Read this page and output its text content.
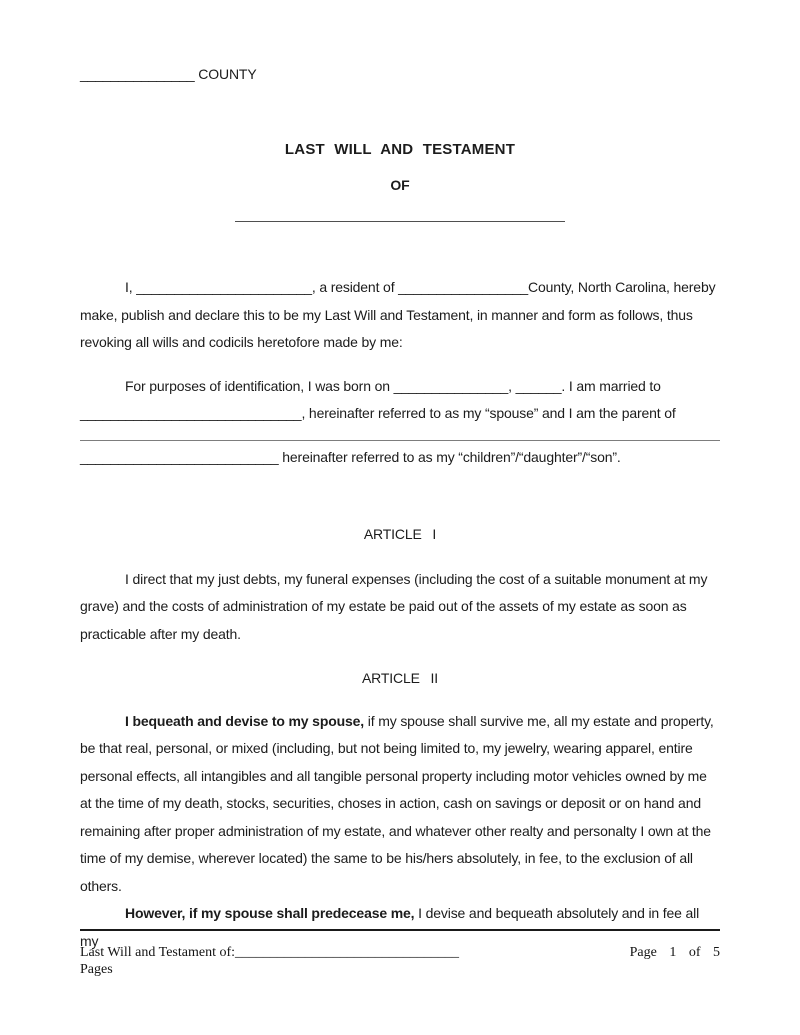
_______________ COUNTY
LAST WILL AND TESTAMENT
OF

I, _______________________, a resident of _________________County, North Carolina, hereby make, publish and declare this to be my Last Will and Testament, in manner and form as follows, thus revoking all wills and codicils heretofore made by me:

For purposes of identification, I was born on _______________, ______. I am married to _____________________________, hereinafter referred to as my “spouse” and I am the parent of

__________________________ hereinafter referred to as my “children”/“daughter”/“son”.

ARTICLE I

I direct that my just debts, my funeral expenses (including the cost of a suitable monument at my grave) and the costs of administration of my estate be paid out of the assets of my estate as soon as practicable after my death.

ARTICLE II

I bequeath and devise to my spouse, if my spouse shall survive me, all my estate and property, be that real, personal, or mixed (including, but not being limited to, my jewelry, wearing apparel, entire personal effects, all intangibles and all tangible personal property including motor vehicles owned by me at the time of my death, stocks, securities, choses in action, cash on savings or deposit or on hand and remaining after proper administration of my estate, and whatever other realty and personalty I own at the time of my demise, wherever located) the same to be his/hers absolutely, in fee, to the exclusion of all others.

However, if my spouse shall predecease me, I devise and bequeath absolutely and in fee all my

Last Will and Testament of:________________________________
Pages
Page 1 of 5
